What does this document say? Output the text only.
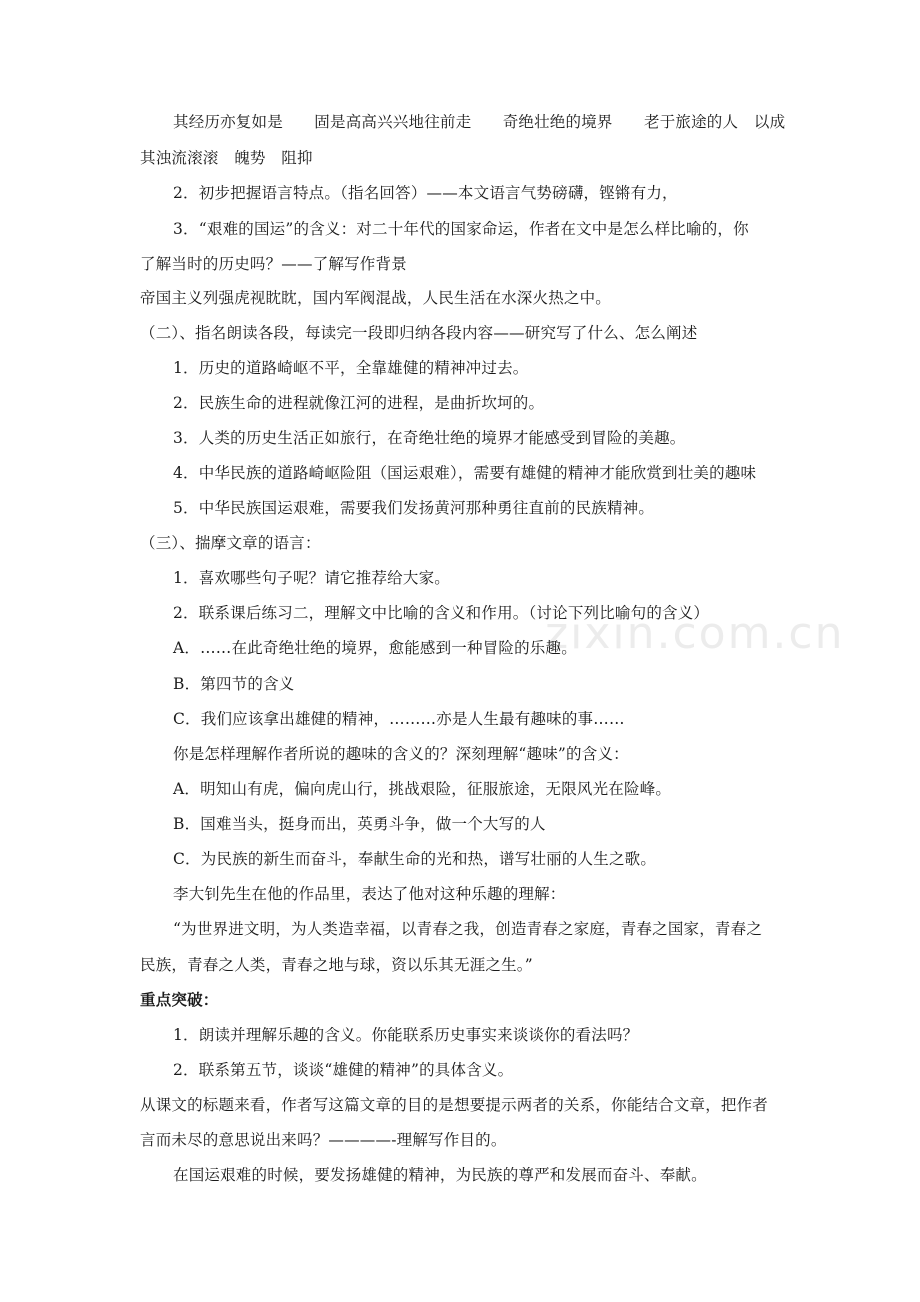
zixin.com.cn
其经历亦复如是　　固是高高兴兴地往前走　　奇绝壮绝的境界　　老于旅途的人　以成
其浊流滚滚　魄势　阻抑
2．初步把握语言特点。（指名回答）——本文语言气势磅礴，铿锵有力，
3．“艰难的国运”的含义：对二十年代的国家命运，作者在文中是怎么样比喻的，你
了解当时的历史吗？——了解写作背景
帝国主义列强虎视眈眈，国内军阀混战，人民生活在水深火热之中。
（二）、指名朗读各段，每读完一段即归纳各段内容——研究写了什么、怎么阐述
1．历史的道路崎岖不平，全靠雄健的精神冲过去。
2．民族生命的进程就像江河的进程，是曲折坎坷的。
3．人类的历史生活正如旅行，在奇绝壮绝的境界才能感受到冒险的美趣。
4．中华民族的道路崎岖险阻（国运艰难），需要有雄健的精神才能欣赏到壮美的趣味
5．中华民族国运艰难，需要我们发扬黄河那种勇往直前的民族精神。
（三）、揣摩文章的语言：
1．喜欢哪些句子呢？请它推荐给大家。
2．联系课后练习二，理解文中比喻的含义和作用。（讨论下列比喻句的含义）
A．……在此奇绝壮绝的境界，愈能感到一种冒险的乐趣。
B．第四节的含义
C．我们应该拿出雄健的精神，………亦是人生最有趣味的事……
你是怎样理解作者所说的趣味的含义的？深刻理解“趣味”的含义：
A．明知山有虎，偏向虎山行，挑战艰险，征服旅途，无限风光在险峰。
B．国难当头，挺身而出，英勇斗争，做一个大写的人
C．为民族的新生而奋斗，奉献生命的光和热，谱写壮丽的人生之歌。
李大钊先生在他的作品里，表达了他对这种乐趣的理解：
“为世界进文明，为人类造幸福，以青春之我，创造青春之家庭，青春之国家，青春之
民族，青春之人类，青春之地与球，资以乐其无涯之生。”
重点突破：
1．朗读并理解乐趣的含义。你能联系历史事实来谈谈你的看法吗？
2．联系第五节，谈谈“雄健的精神”的具体含义。
从课文的标题来看，作者写这篇文章的目的是想要提示两者的关系，你能结合文章，把作者
言而未尽的意思说出来吗？————-理解写作目的。
在国运艰难的时候，要发扬雄健的精神，为民族的尊严和发展而奋斗、奉献。
